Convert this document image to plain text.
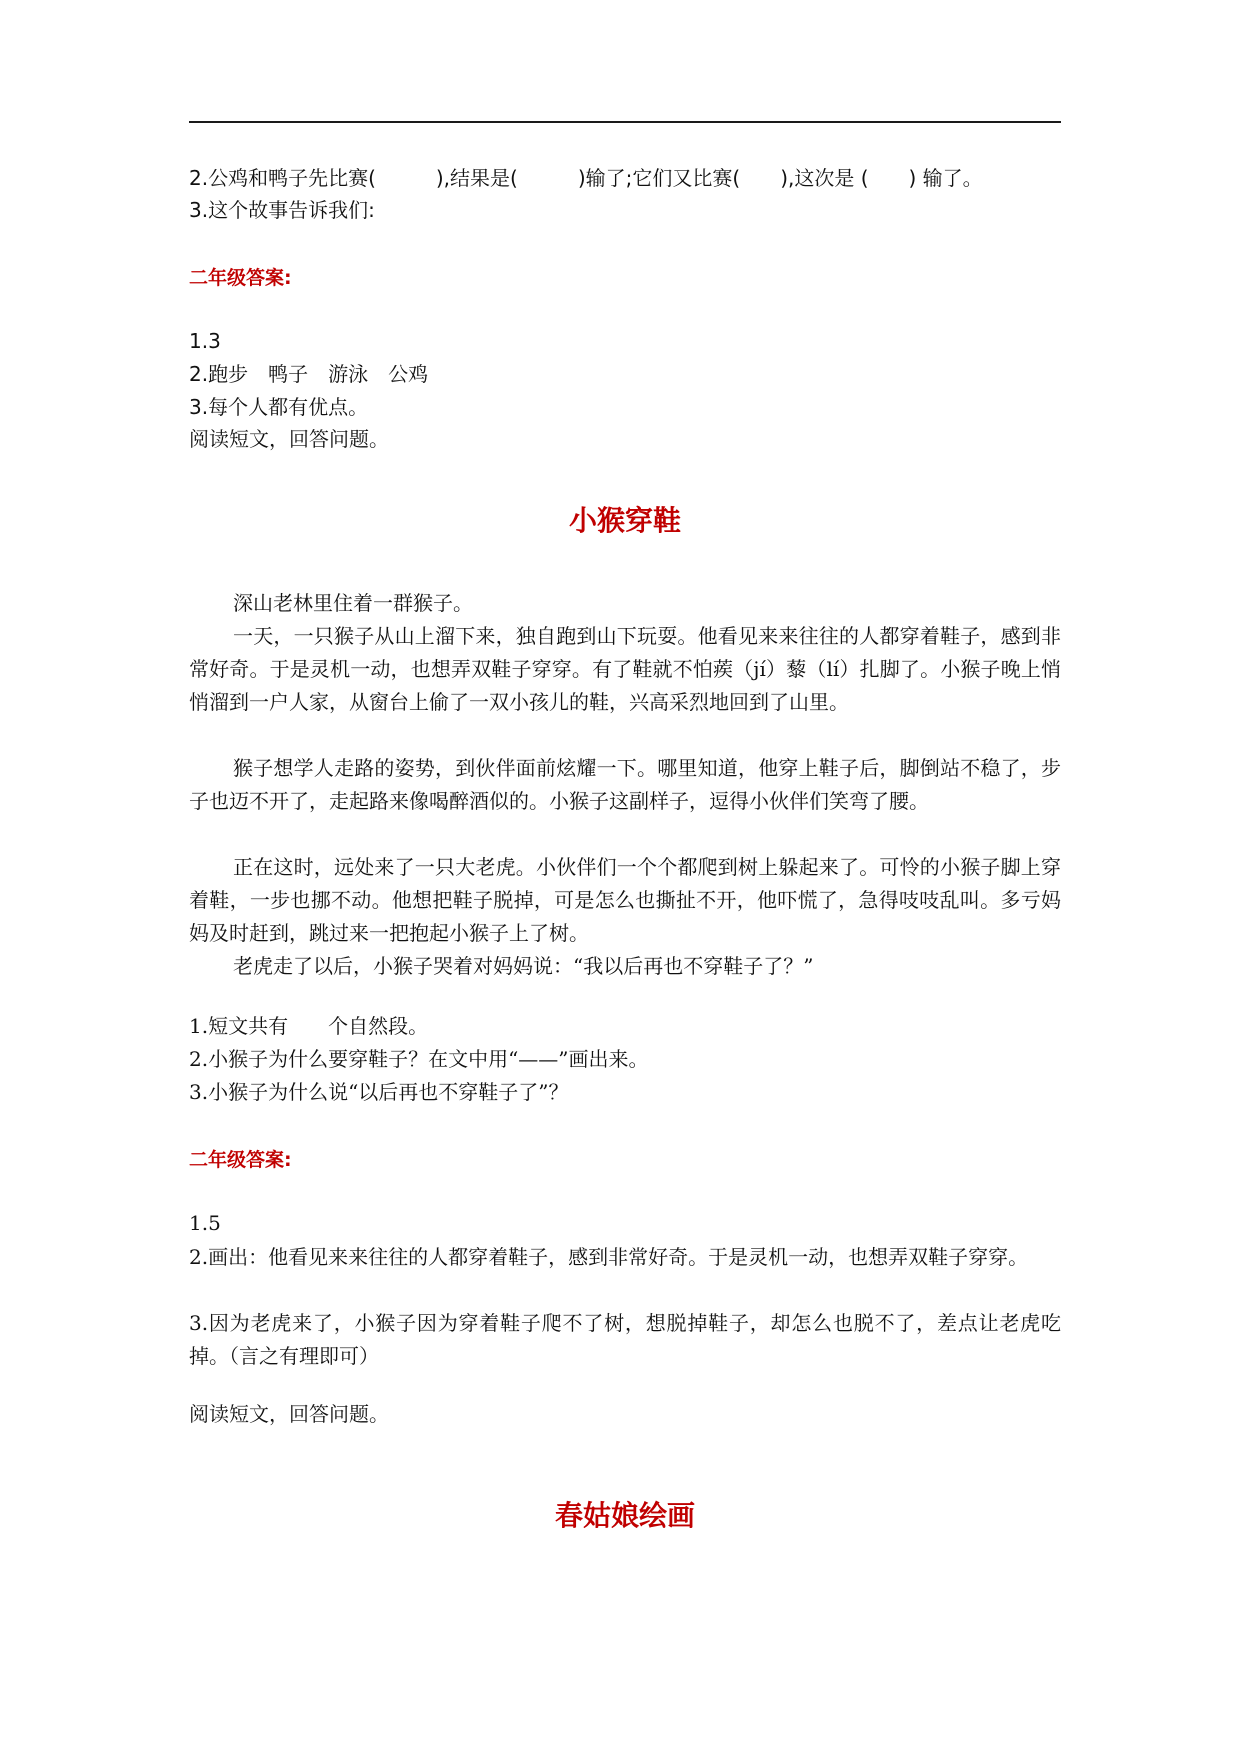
2.公鸡和鸭子先比赛(　　　),结果是(　　　)输了;它们又比赛(　　),这次是 (　　) 输了。
3.这个故事告诉我们:
二年级答案:
1.3
2.跑步　鸭子　游泳　公鸡
3.每个人都有优点。
阅读短文，回答问题。
小猴穿鞋

深山老林里住着一群猴子。

一天，一只猴子从山上溜下来，独自跑到山下玩耍。他看见来来往往的人都穿着鞋子，感到非常好奇。于是灵机一动，也想弄双鞋子穿穿。有了鞋就不怕蒺（jí）藜（lí）扎脚了。小猴子晚上悄悄溜到一户人家，从窗台上偷了一双小孩儿的鞋，兴高采烈地回到了山里。

猴子想学人走路的姿势，到伙伴面前炫耀一下。哪里知道，他穿上鞋子后，脚倒站不稳了，步子也迈不开了，走起路来像喝醉酒似的。小猴子这副样子，逗得小伙伴们笑弯了腰。

正在这时，远处来了一只大老虎。小伙伴们一个个都爬到树上躲起来了。可怜的小猴子脚上穿着鞋，一步也挪不动。他想把鞋子脱掉，可是怎么也撕扯不开，他吓慌了，急得吱吱乱叫。多亏妈妈及时赶到，跳过来一把抱起小猴子上了树。

老虎走了以后，小猴子哭着对妈妈说：“我以后再也不穿鞋子了？”

1.短文共有　　个自然段。
2.小猴子为什么要穿鞋子？在文中用“——”画出来。
3.小猴子为什么说“以后再也不穿鞋子了”？
二年级答案:
1.5

2.画出：他看见来来往往的人都穿着鞋子，感到非常好奇。于是灵机一动，也想弄双鞋子穿穿。

3.因为老虎来了，小猴子因为穿着鞋子爬不了树，想脱掉鞋子，却怎么也脱不了，差点让老虎吃掉。（言之有理即可）

阅读短文，回答问题。
春姑娘绘画
